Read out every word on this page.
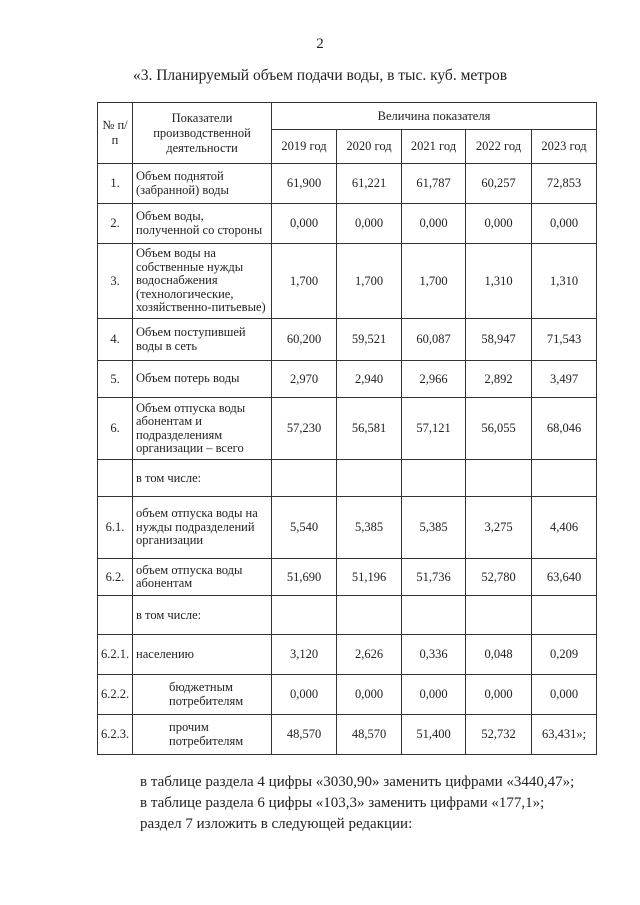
2
«3. Планируемый объем подачи воды, в тыс. куб. метров
№ п/п	Показатели производственной деятельности	Величина показателя				
		2019 год	2020 год	2021 год	2022 год	2023 год
1.	Объем поднятой (забранной) воды	61,900	61,221	61,787	60,257	72,853
2.	Объем воды, полученной со стороны	0,000	0,000	0,000	0,000	0,000
3.	Объем воды на собственные нужды водоснабжения (технологические, хозяйственно-питьевые)	1,700	1,700	1,700	1,310	1,310
4.	Объем поступившей воды в сеть	60,200	59,521	60,087	58,947	71,543
5.	Объем потерь воды	2,970	2,940	2,966	2,892	3,497
6.	Объем отпуска воды абонентам и подразделениям организации – всего	57,230	56,581	57,121	56,055	68,046
	в том числе:					
6.1.	объем отпуска воды на нужды подразделений организации	5,540	5,385	5,385	3,275	4,406
6.2.	объем отпуска воды абонентам	51,690	51,196	51,736	52,780	63,640
	в том числе:					
6.2.1.	населению	3,120	2,626	0,336	0,048	0,209
6.2.2.	бюджетным потребителям	0,000	0,000	0,000	0,000	0,000
6.2.3.	прочим потребителям	48,570	48,570	51,400	52,732	63,431»;

в таблице раздела 4 цифры «3030,90» заменить цифрами «3440,47»;

в таблице раздела 6 цифры «103,3» заменить цифрами «177,1»;

раздел 7 изложить в следующей редакции:
